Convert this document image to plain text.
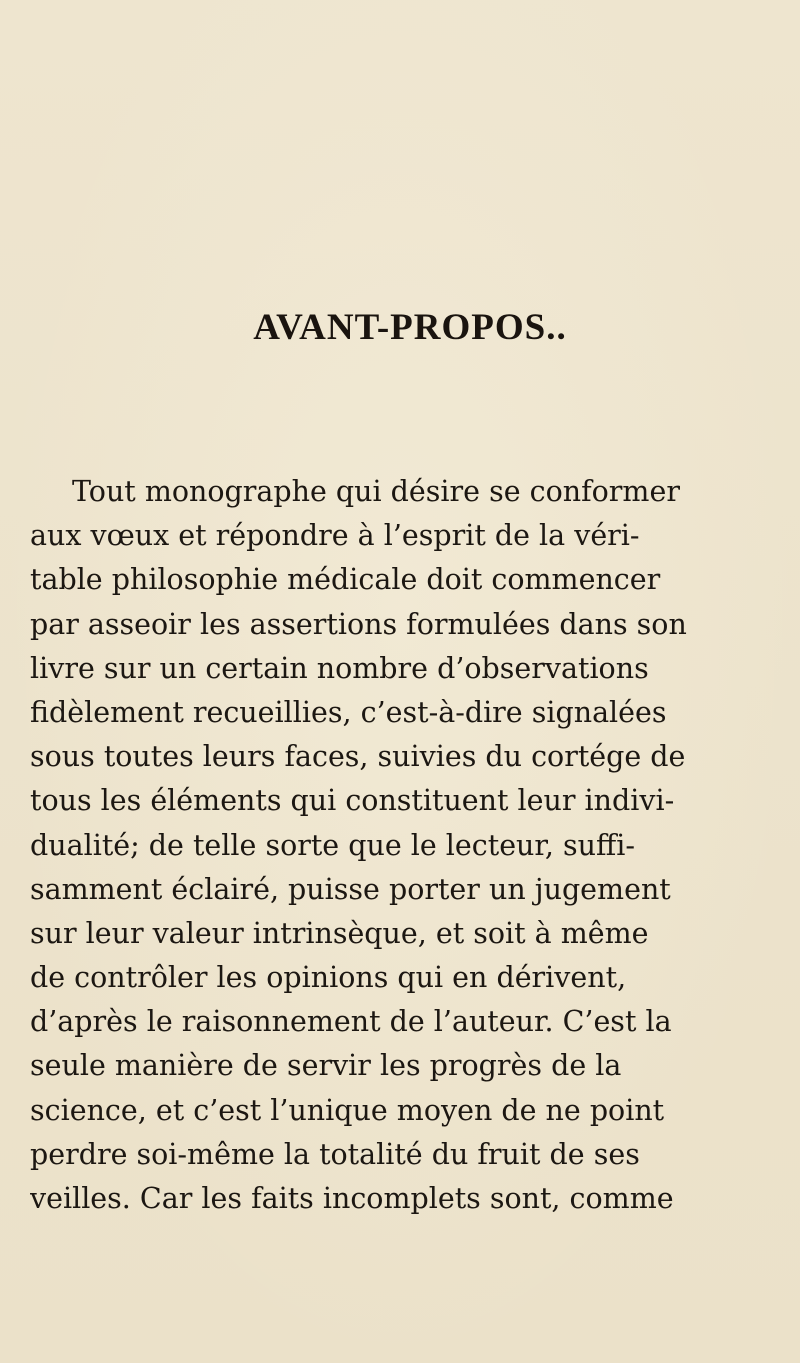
AVANT-PROPOS..
Tout monographe qui désire se conformer
aux vœux et répondre à l’esprit de la véri-
table philosophie médicale doit commencer
par asseoir les assertions formulées dans son
livre sur un certain nombre d’observations
fidèlement recueillies, c’est-à-dire signalées
sous toutes leurs faces, suivies du cortége de
tous les éléments qui constituent leur indivi-
dualité; de telle sorte que le lecteur, suffi-
samment éclairé, puisse porter un jugement
sur leur valeur intrinsèque, et soit à même
de contrôler les opinions qui en dérivent,
d’après le raisonnement de l’auteur. C’est la
seule manière de servir les progrès de la
science, et c’est l’unique moyen de ne point
perdre soi-même la totalité du fruit de ses
veilles. Car les faits incomplets sont, comme
